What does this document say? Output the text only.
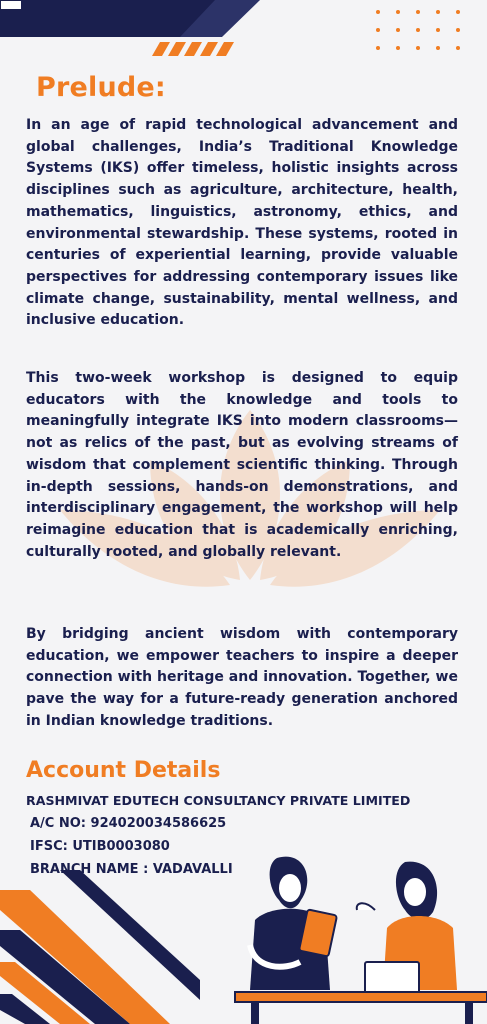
Prelude:

In an age of rapid technological advancement and global challenges, India’s Traditional Knowledge Systems (IKS) offer timeless, holistic insights across disciplines such as agriculture, architecture, health, mathematics, linguistics, astronomy, ethics, and environmental stewardship. These systems, rooted in centuries of experiential learning, provide valuable perspectives for addressing contemporary issues like climate change, sustainability, mental wellness, and inclusive education.

This two-week workshop is designed to equip educators with the knowledge and tools to meaningfully integrate IKS into modern classrooms—not as relics of the past, but as evolving streams of wisdom that complement scientific thinking. Through in-depth sessions, hands-on demonstrations, and interdisciplinary engagement, the workshop will help reimagine education that is academically enriching, culturally rooted, and globally relevant.

By bridging ancient wisdom with contemporary education, we empower teachers to inspire a deeper connection with heritage and innovation. Together, we pave the way for a future-ready generation anchored in Indian knowledge traditions.

Account Details

RASHMIVAT EDUTECH CONSULTANCY PRIVATE LIMITED

A/C NO: 924020034586625

IFSC: UTIB0003080

BRANCH NAME : VADAVALLI
